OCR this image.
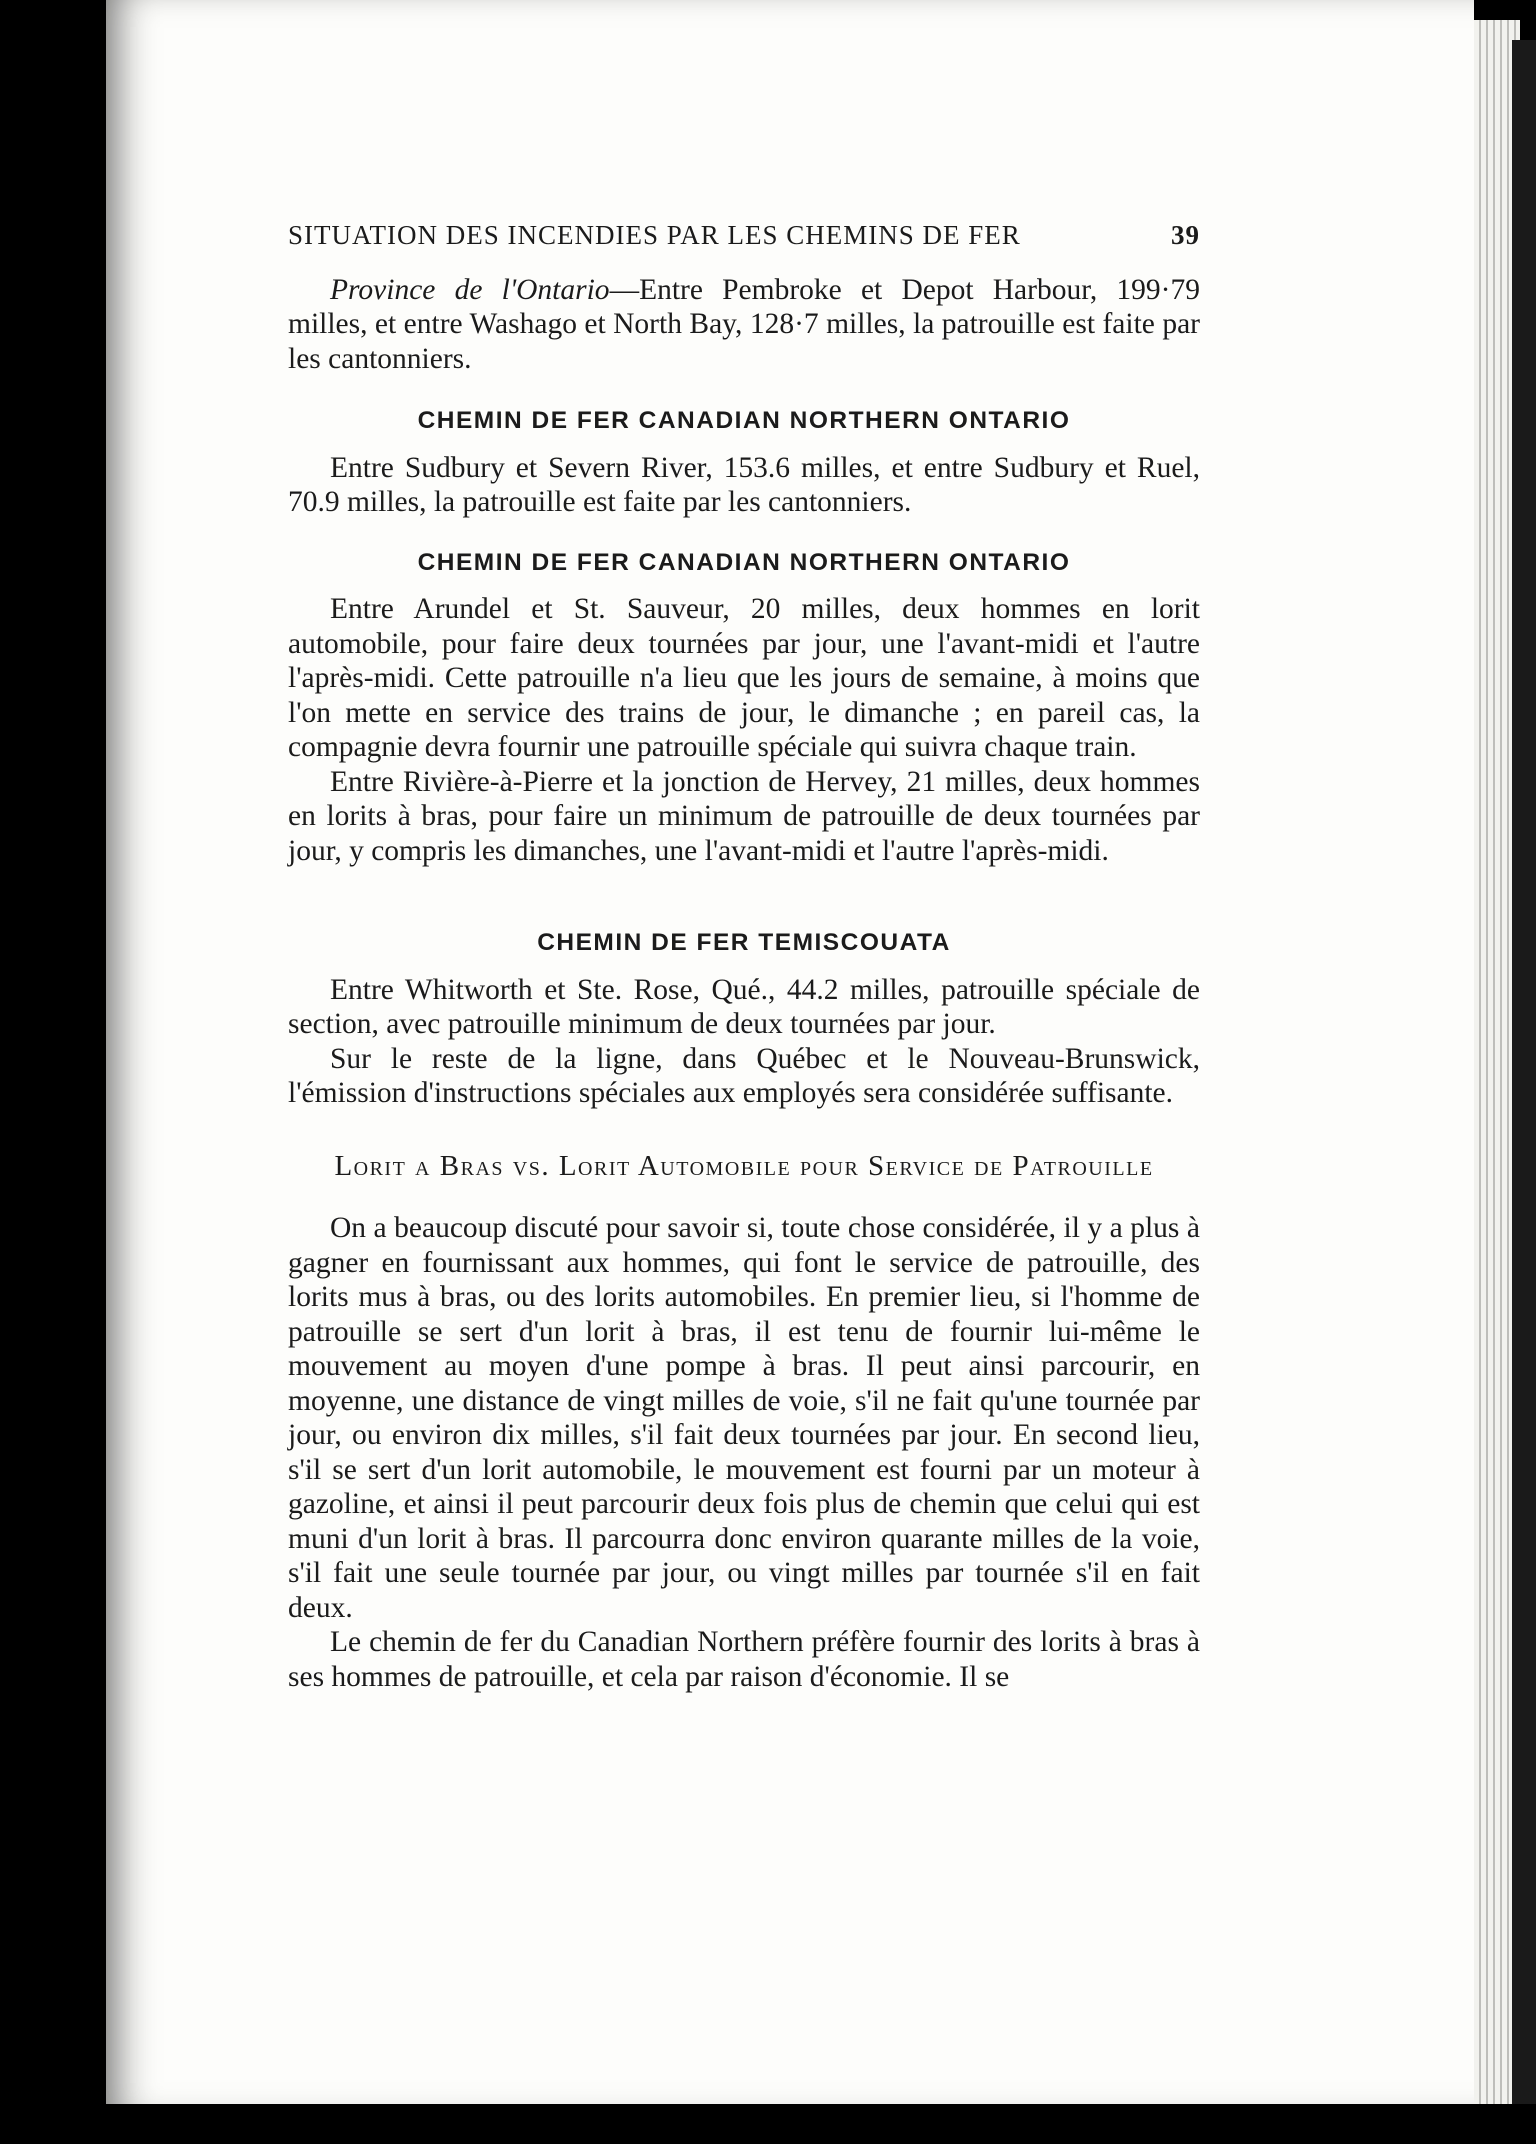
SITUATION DES INCENDIES PAR LES CHEMINS DE FER	39

Province de l'Ontario—Entre Pembroke et Depot Harbour, 199·79 milles, et entre Washago et North Bay, 128·7 milles, la patrouille est faite par les cantonniers.

CHEMIN DE FER CANADIAN NORTHERN ONTARIO

Entre Sudbury et Severn River, 153.6 milles, et entre Sudbury et Ruel, 70.9 milles, la patrouille est faite par les cantonniers.

CHEMIN DE FER CANADIAN NORTHERN ONTARIO

Entre Arundel et St. Sauveur, 20 milles, deux hommes en lorit automobile, pour faire deux tournées par jour, une l'avant-midi et l'autre l'après-midi. Cette patrouille n'a lieu que les jours de semaine, à moins que l'on mette en service des trains de jour, le dimanche ; en pareil cas, la compagnie devra fournir une patrouille spéciale qui suivra chaque train.

Entre Rivière-à-Pierre et la jonction de Hervey, 21 milles, deux hommes en lorits à bras, pour faire un minimum de patrouille de deux tournées par jour, y compris les dimanches, une l'avant-midi et l'autre l'après-midi.

CHEMIN DE FER TEMISCOUATA

Entre Whitworth et Ste. Rose, Qué., 44.2 milles, patrouille spéciale de section, avec patrouille minimum de deux tournées par jour.

Sur le reste de la ligne, dans Québec et le Nouveau-Brunswick, l'émission d'instructions spéciales aux employés sera considérée suffisante.

Lorit a Bras vs. Lorit Automobile pour Service de Patrouille

On a beaucoup discuté pour savoir si, toute chose considérée, il y a plus à gagner en fournissant aux hommes, qui font le service de patrouille, des lorits mus à bras, ou des lorits automobiles. En premier lieu, si l'homme de patrouille se sert d'un lorit à bras, il est tenu de fournir lui-même le mouvement au moyen d'une pompe à bras. Il peut ainsi parcourir, en moyenne, une distance de vingt milles de voie, s'il ne fait qu'une tournée par jour, ou environ dix milles, s'il fait deux tournées par jour. En second lieu, s'il se sert d'un lorit automobile, le mouvement est fourni par un moteur à gazoline, et ainsi il peut parcourir deux fois plus de chemin que celui qui est muni d'un lorit à bras. Il parcourra donc environ quarante milles de la voie, s'il fait une seule tournée par jour, ou vingt milles par tournée s'il en fait deux.

Le chemin de fer du Canadian Northern préfère fournir des lorits à bras à ses hommes de patrouille, et cela par raison d'économie. Il se
